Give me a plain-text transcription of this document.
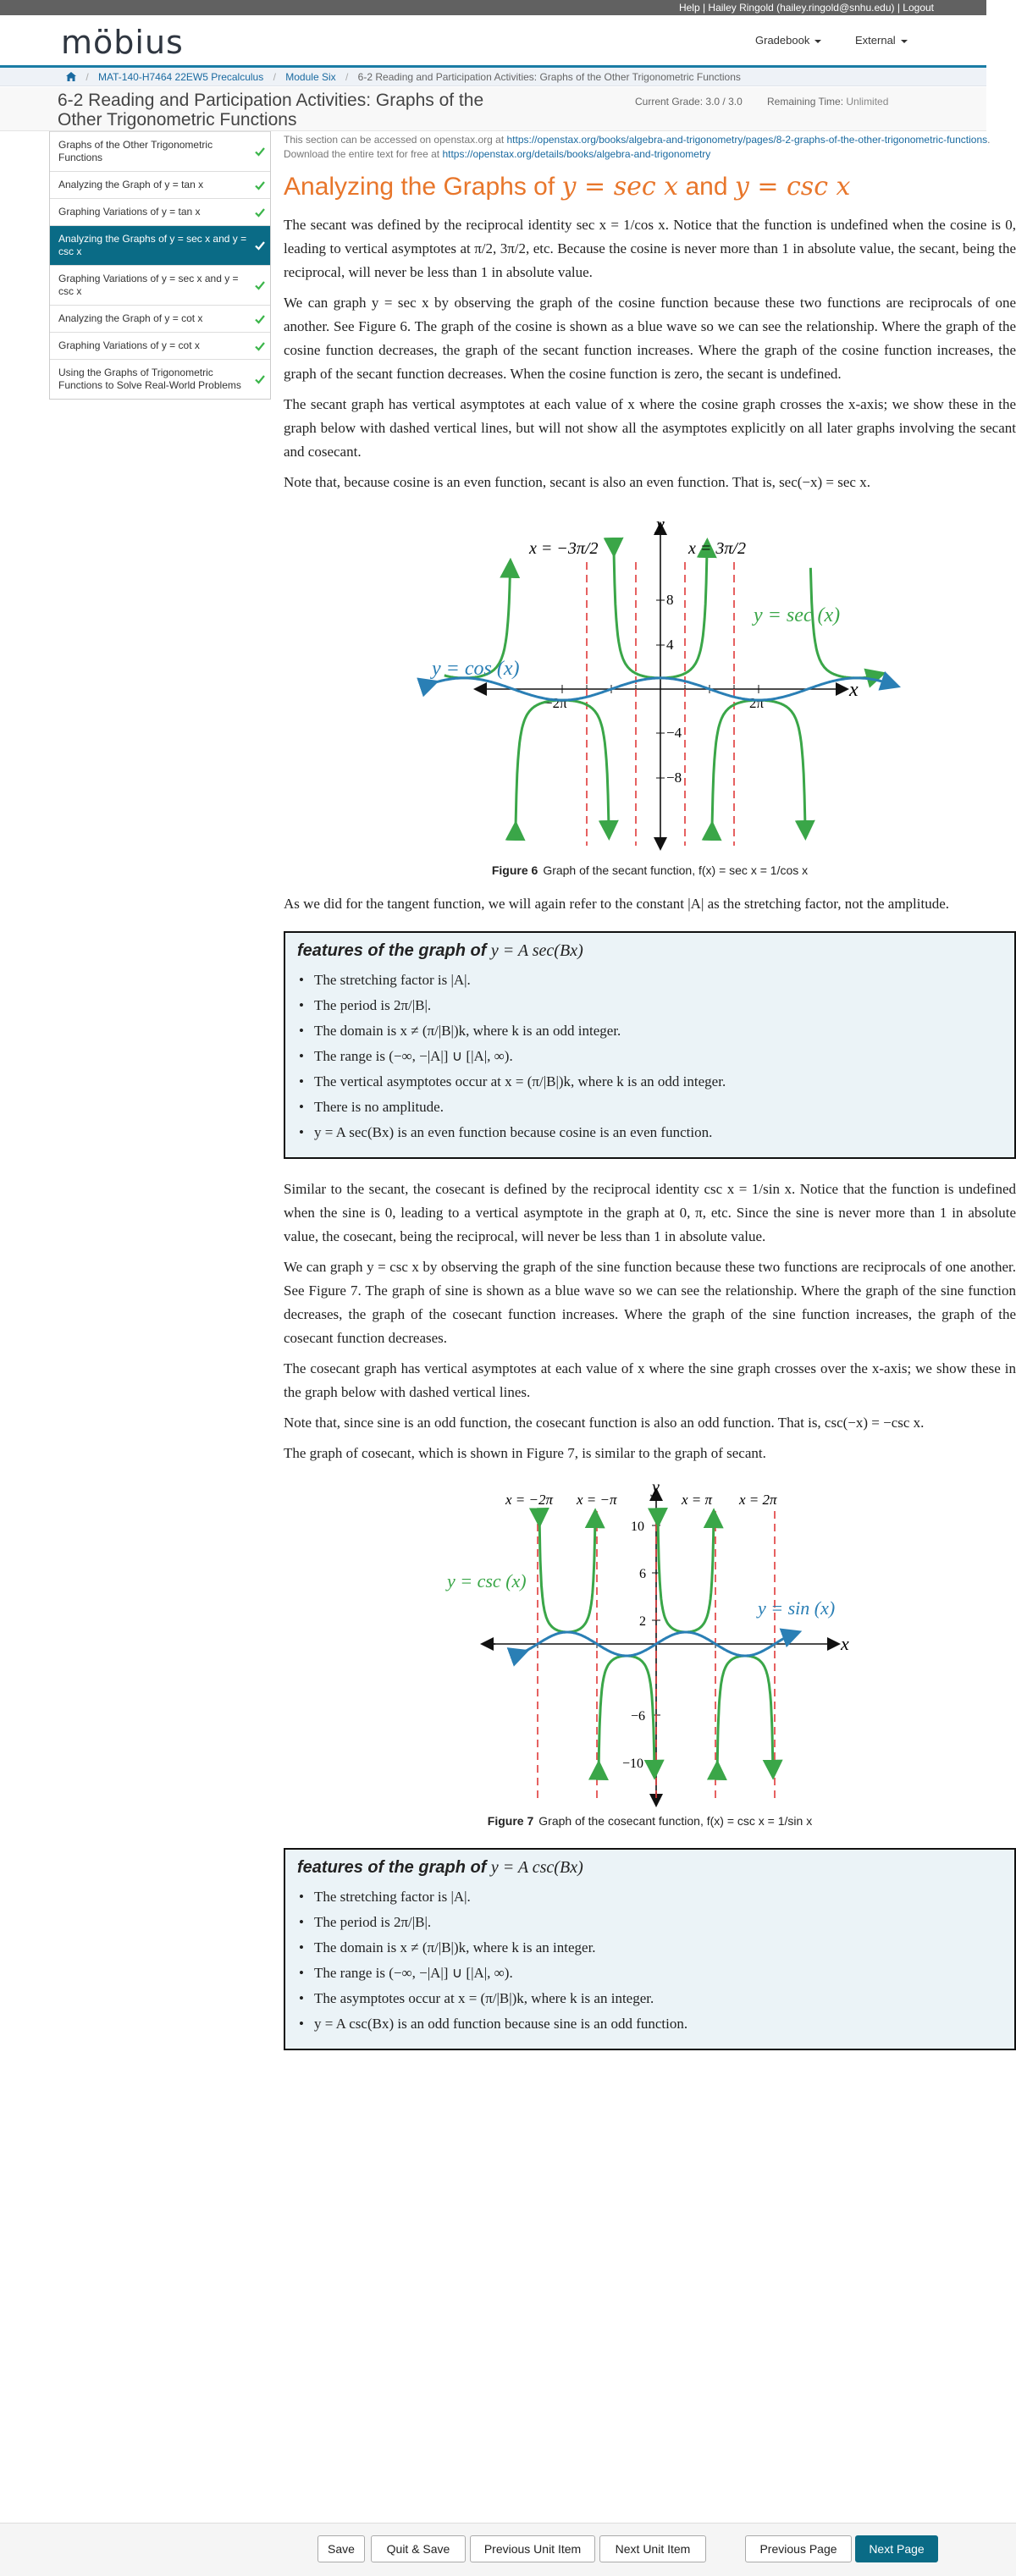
Help | Hailey Ringold (hailey.ringold@snhu.edu) | Logout
möbius	Gradebook	External
/ MAT-140-H7464 22EW5 Precalculus / Module Six / 6-2 Reading and Participation Activities: Graphs of the Other Trigonometric Functions
6-2 Reading and Participation Activities: Graphs of the Other Trigonometric Functions
Current Grade: 3.0 / 3.0 Remaining Time: Unlimited
Graphs of the Other Trigonometric Functions
Analyzing the Graph of y = tan x
Graphing Variations of y = tan x
Analyzing the Graphs of y = sec x and y = csc x
Graphing Variations of y = sec x and y = csc x
Analyzing the Graph of y = cot x
Graphing Variations of y = cot x
Using the Graphs of Trigonometric Functions to Solve Real-World Problems
This section can be accessed on openstax.org at https://openstax.org/books/algebra-and-trigonometry/pages/8-2-graphs-of-the-other-trigonometric-functions. Download the entire text for free at https://openstax.org/details/books/algebra-and-trigonometry
Analyzing the Graphs of y = sec x and y = csc x

The secant was defined by the reciprocal identity sec x = 1/cos x. Notice that the function is undefined when the cosine is 0, leading to vertical asymptotes at π/2, 3π/2, etc. Because the cosine is never more than 1 in absolute value, the secant, being the reciprocal, will never be less than 1 in absolute value.

We can graph y = sec x by observing the graph of the cosine function because these two functions are reciprocals of one another. See Figure 6. The graph of the cosine is shown as a blue wave so we can see the relationship. Where the graph of the cosine function decreases, the graph of the secant function increases. Where the graph of the cosine function increases, the graph of the secant function decreases. When the cosine function is zero, the secant is undefined.

The secant graph has vertical asymptotes at each value of x where the cosine graph crosses the x-axis; we show these in the graph below with dashed vertical lines, but will not show all the asymptotes explicitly on all later graphs involving the secant and cosecant.

Note that, because cosine is an even function, secant is also an even function. That is, sec(−x) = sec x.

8
4
−4
−8
−2π	2π
x = −3π/2	x = 3π/2
y
x
y = sec (x)
y = cos (x)
Figure 6 Graph of the secant function, f(x) = sec x = 1/cos x

As we did for the tangent function, we will again refer to the constant |A| as the stretching factor, not the amplitude.

features of the graph of y = A sec(Bx)
• The stretching factor is |A|.
• The period is 2π/|B|.
• The domain is x ≠ (π/|B|)k, where k is an odd integer.
• The range is (−∞, −|A|] ∪ [|A|, ∞).
• The vertical asymptotes occur at x = (π/|B|)k, where k is an odd integer.
• There is no amplitude.
• y = A sec(Bx) is an even function because cosine is an even function.

Similar to the secant, the cosecant is defined by the reciprocal identity csc x = 1/sin x. Notice that the function is undefined when the sine is 0, leading to a vertical asymptote in the graph at 0, π, etc. Since the sine is never more than 1 in absolute value, the cosecant, being the reciprocal, will never be less than 1 in absolute value.

We can graph y = csc x by observing the graph of the sine function because these two functions are reciprocals of one another. See Figure 7. The graph of sine is shown as a blue wave so we can see the relationship. Where the graph of the sine function decreases, the graph of the cosecant function increases. Where the graph of the sine function increases, the graph of the cosecant function decreases.

The cosecant graph has vertical asymptotes at each value of x where the sine graph crosses over the x-axis; we show these in the graph below with dashed vertical lines.

Note that, since sine is an odd function, the cosecant function is also an odd function. That is, csc(−x) = −csc x.

The graph of cosecant, which is shown in Figure 7, is similar to the graph of secant.

10
6
2
−6
−10
x = −2π x = −π	x = π x = 2π
y
x
y = csc (x)
y = sin (x)
Figure 7 Graph of the cosecant function, f(x) = csc x = 1/sin x
features of the graph of y = A csc(Bx)
• The stretching factor is |A|.
• The period is 2π/|B|.
• The domain is x ≠ (π/|B|)k, where k is an integer.
• The range is (−∞, −|A|] ∪ [|A|, ∞).
• The asymptotes occur at x = (π/|B|)k, where k is an integer.
• y = A csc(Bx) is an odd function because sine is an odd function.
Save	Quit & Save	Previous Unit Item	Next Unit Item	Previous Page	Next Page
